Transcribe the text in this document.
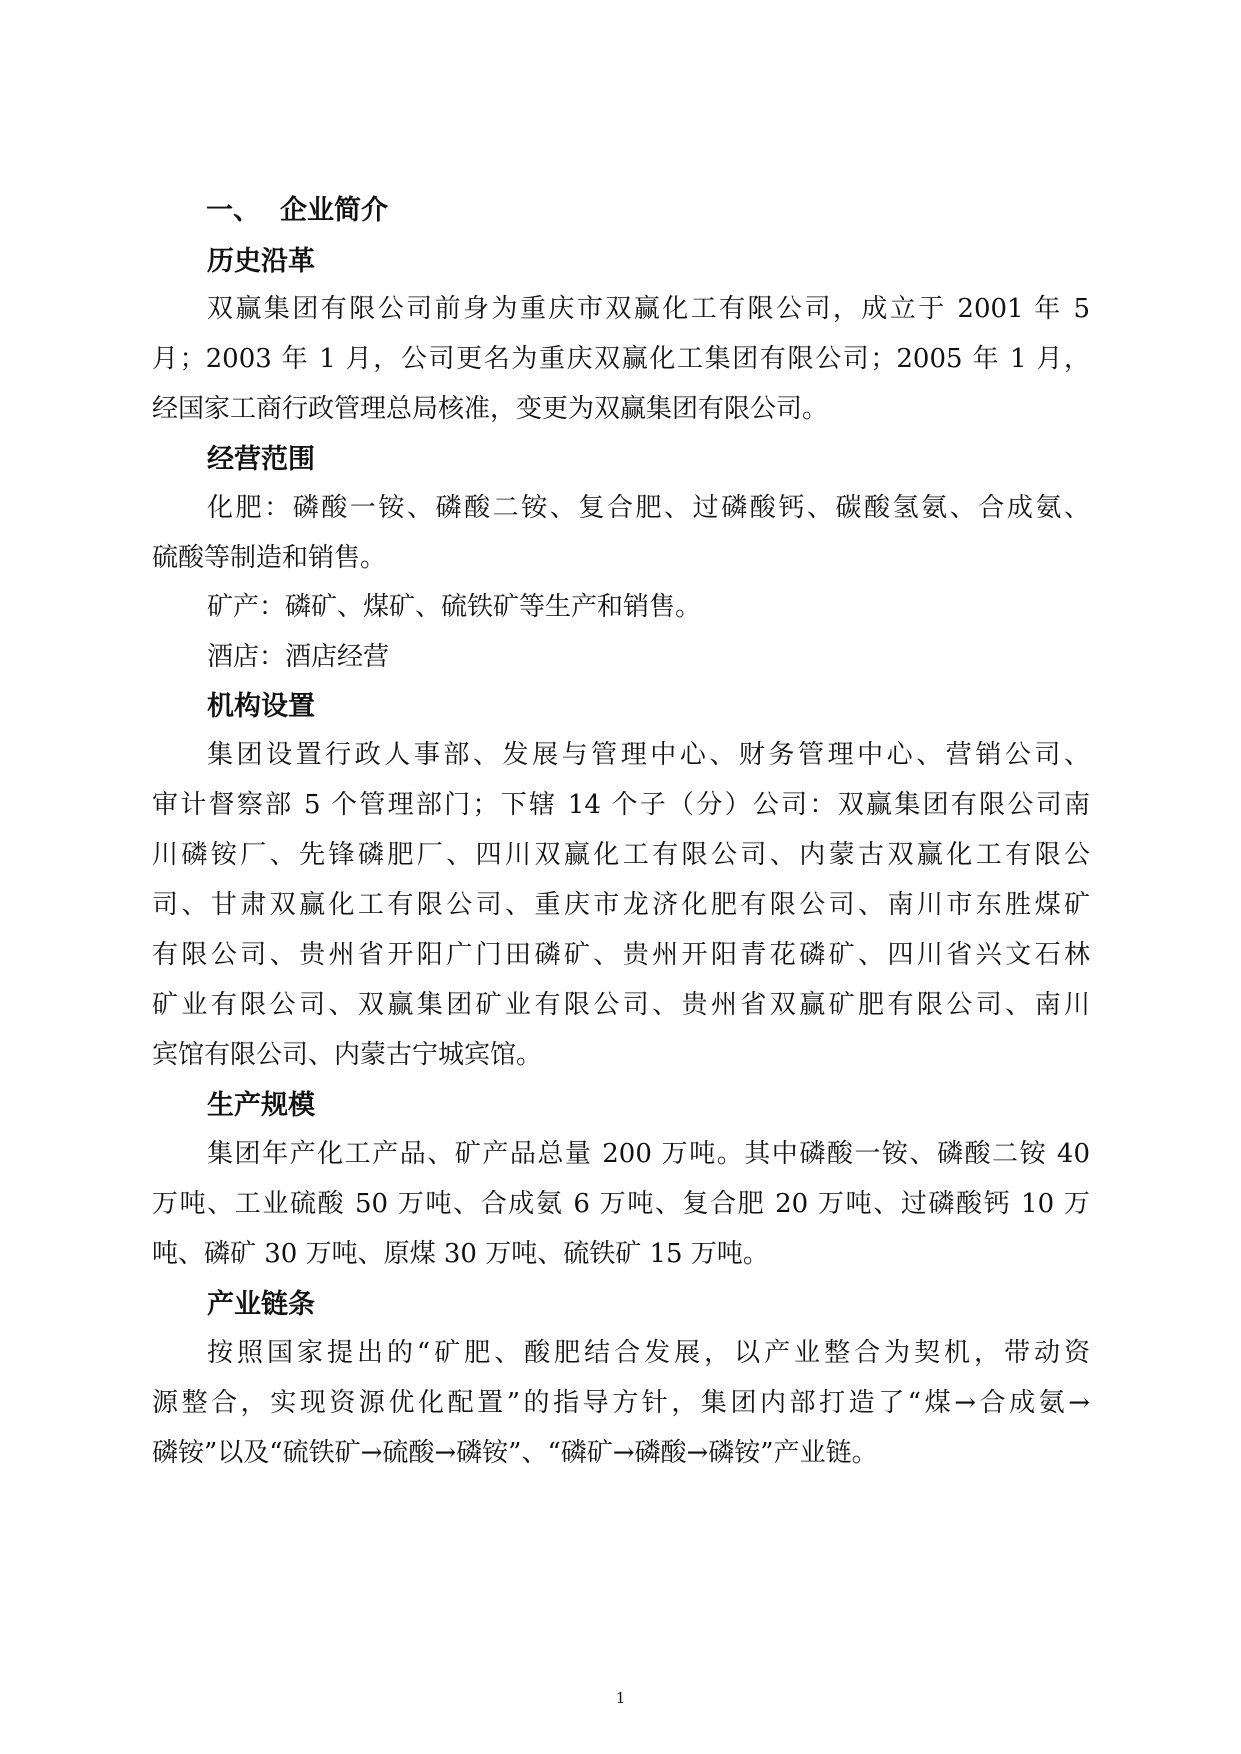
一、 企业简介
历史沿革
双赢集团有限公司前身为重庆市双赢化工有限公司，成立于 2001 年 5
月；2003 年 1 月，公司更名为重庆双赢化工集团有限公司；2005 年 1 月，
经国家工商行政管理总局核准，变更为双赢集团有限公司。
经营范围
化肥：磷酸一铵、磷酸二铵、复合肥、过磷酸钙、碳酸氢氨、合成氨、
硫酸等制造和销售。
矿产：磷矿、煤矿、硫铁矿等生产和销售。
酒店：酒店经营
机构设置
集团设置行政人事部、发展与管理中心、财务管理中心、营销公司、
审计督察部 5 个管理部门；下辖 14 个子（分）公司：双赢集团有限公司南
川磷铵厂、先锋磷肥厂、四川双赢化工有限公司、内蒙古双赢化工有限公
司、甘肃双赢化工有限公司、重庆市龙济化肥有限公司、南川市东胜煤矿
有限公司、贵州省开阳广门田磷矿、贵州开阳青花磷矿、四川省兴文石林
矿业有限公司、双赢集团矿业有限公司、贵州省双赢矿肥有限公司、南川
宾馆有限公司、内蒙古宁城宾馆。
生产规模
集团年产化工产品、矿产品总量 200 万吨。其中磷酸一铵、磷酸二铵 40
万吨、工业硫酸 50 万吨、合成氨 6 万吨、复合肥 20 万吨、过磷酸钙 10 万
吨、磷矿 30 万吨、原煤 30 万吨、硫铁矿 15 万吨。
产业链条
按照国家提出的“矿肥、酸肥结合发展，以产业整合为契机，带动资
源整合，实现资源优化配置”的指导方针，集团内部打造了“煤→合成氨→
磷铵”以及“硫铁矿→硫酸→磷铵”、“磷矿→磷酸→磷铵”产业链。
1
